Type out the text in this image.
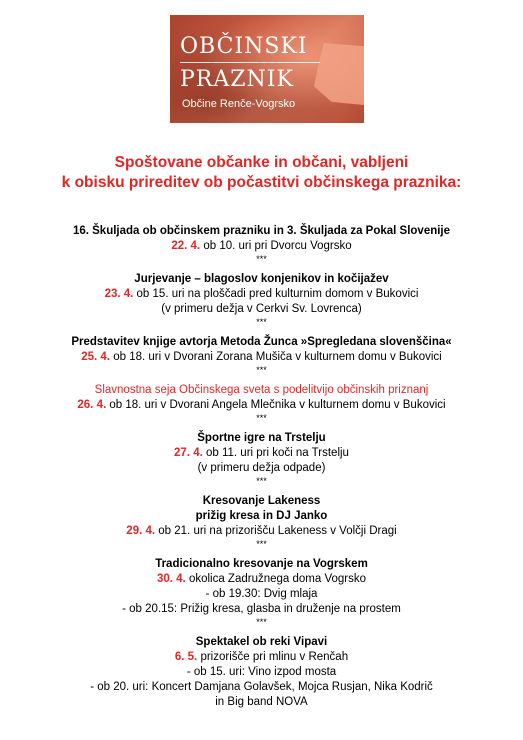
OBČINSKI
PRAZNIK
Občine Renče-Vogrsko
Spoštovane občanke in občani, vabljeni
k obisku prireditev ob počastitvi občinskega praznika:
16. Škuljada ob občinskem prazniku in 3. Škuljada za Pokal Slovenije
22. 4. ob 10. uri pri Dvorcu Vogrsko
***
Jurjevanje – blagoslov konjenikov in kočijažev
23. 4. ob 15. uri na ploščadi pred kulturnim domom v Bukovici
(v primeru dežja v Cerkvi Sv. Lovrenca)
***
Predstavitev knjige avtorja Metoda Žunca »Spregledana slovenščina«
25. 4. ob 18. uri v Dvorani Zorana Mušiča v kulturnem domu v Bukovici
***
Slavnostna seja Občinskega sveta s podelitvijo občinskih priznanj
26. 4. ob 18. uri v Dvorani Angela Mlečnika v kulturnem domu v Bukovici
***
Športne igre na Trstelju
27. 4. ob 11. uri pri koči na Trstelju
(v primeru dežja odpade)
***
Kresovanje Lakeness
prižig kresa in DJ Janko
29. 4. ob 21. uri na prizorišču Lakeness v Volčji Dragi
***
Tradicionalno kresovanje na Vogrskem
30. 4. okolica Zadružnega doma Vogrsko
- ob 19.30: Dvig mlaja
- ob 20.15: Prižig kresa, glasba in druženje na prostem
***
Spektakel ob reki Vipavi
6. 5. prizorišče pri mlinu v Renčah
- ob 15. uri: Vino izpod mosta
- ob 20. uri: Koncert Damjana Golavšek, Mojca Rusjan, Nika Kodrič
in Big band NOVA
